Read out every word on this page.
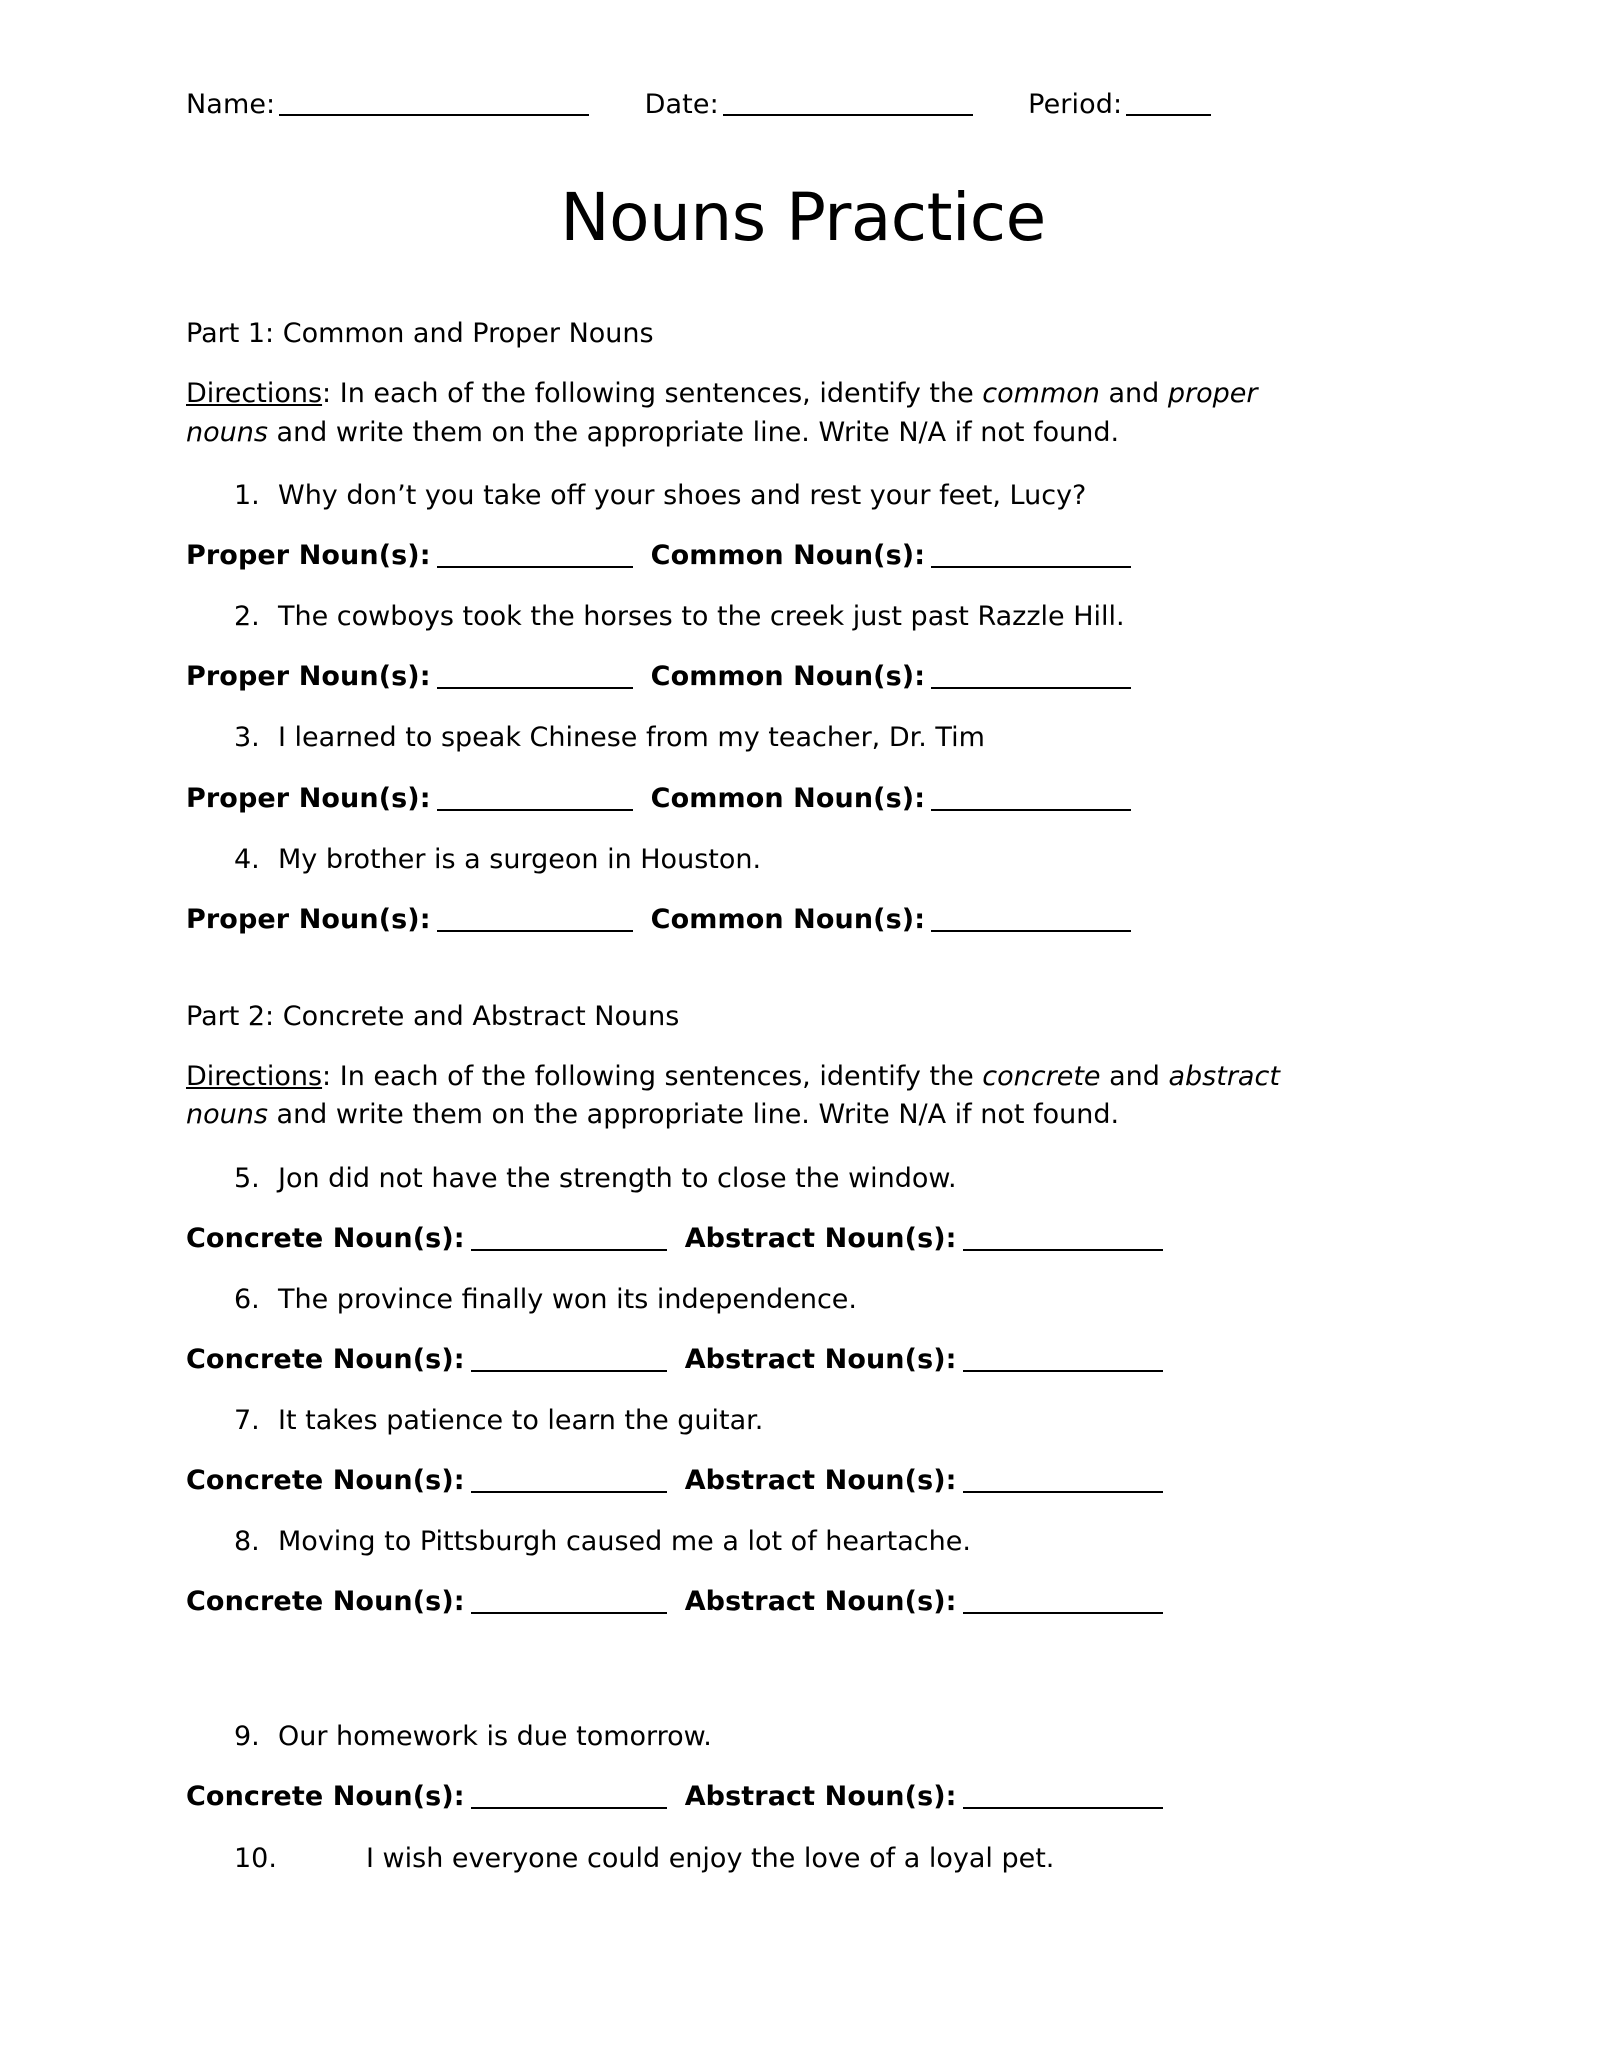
Name:	Date:	Period:
Nouns Practice
Part 1: Common and Proper Nouns
Directions: In each of the following sentences, identify the common and proper nouns and write them on the appropriate line. Write N/A if not found.
1. Why don’t you take off your shoes and rest your feet, Lucy?
Proper Noun(s):	Common Noun(s):
2. The cowboys took the horses to the creek just past Razzle Hill.
Proper Noun(s):	Common Noun(s):
3. I learned to speak Chinese from my teacher, Dr. Tim
Proper Noun(s):	Common Noun(s):
4. My brother is a surgeon in Houston.
Proper Noun(s):	Common Noun(s):
Part 2: Concrete and Abstract Nouns
Directions: In each of the following sentences, identify the concrete and abstract nouns and write them on the appropriate line. Write N/A if not found.
5. Jon did not have the strength to close the window.
Concrete Noun(s):	Abstract Noun(s):
6. The province finally won its independence.
Concrete Noun(s):	Abstract Noun(s):
7. It takes patience to learn the guitar.
Concrete Noun(s):	Abstract Noun(s):
8. Moving to Pittsburgh caused me a lot of heartache.
Concrete Noun(s):	Abstract Noun(s):
9. Our homework is due tomorrow.
Concrete Noun(s):	Abstract Noun(s):
10.	I wish everyone could enjoy the love of a loyal pet.
